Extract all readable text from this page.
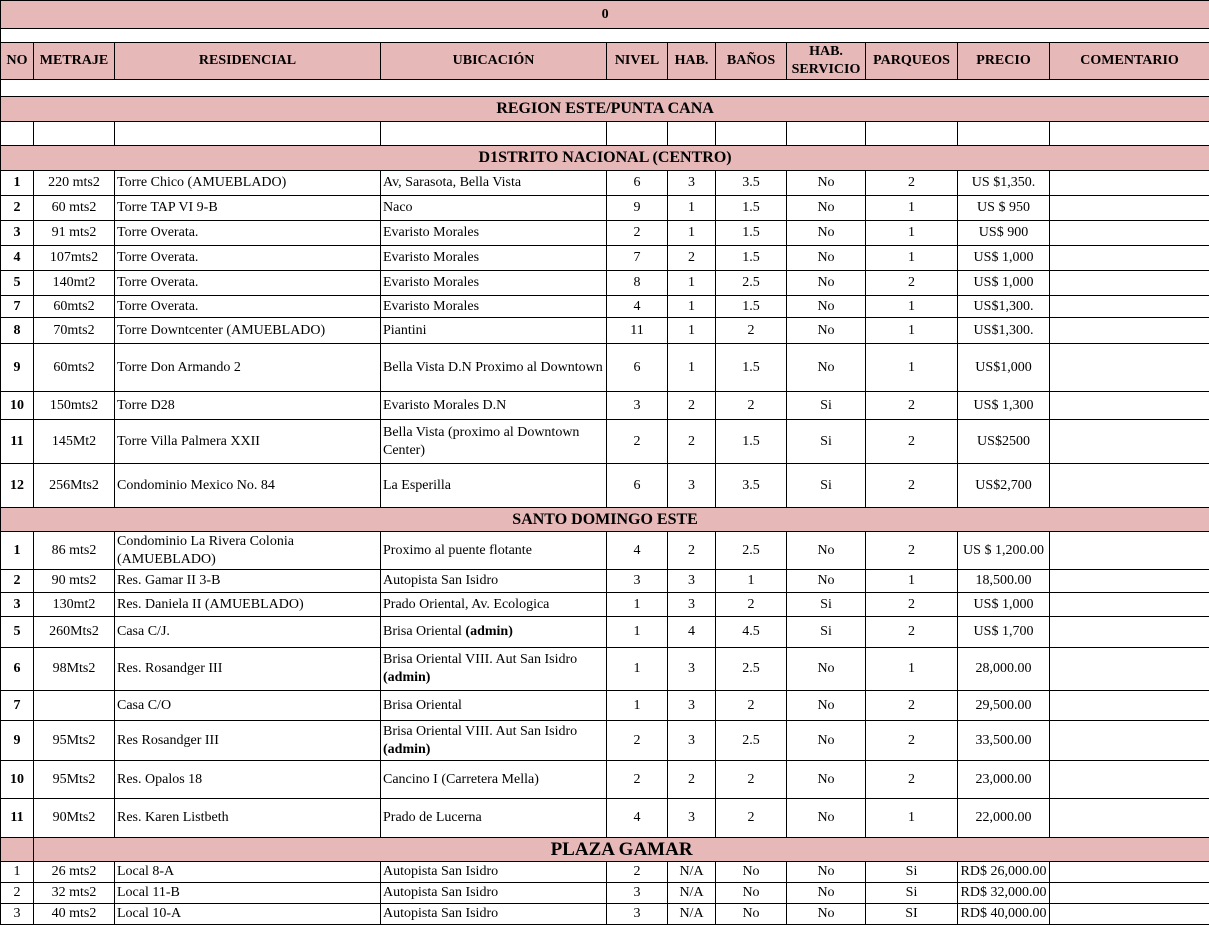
0										

NO	METRAJE	RESIDENCIAL	UBICACIÓN	NIVEL	HAB.	BAÑOS	HAB.
SERVICIO	PARQUEOS	PRECIO	COMENTARIO

REGION ESTE/PUNTA CANA										

D1STRITO NACIONAL (CENTRO)										
1	220 mts2	Torre Chico (AMUEBLADO)	Av, Sarasota, Bella Vista	6	3	3.5	No	2	US $1,350.	
2	60 mts2	Torre TAP VI 9-B	Naco	9	1	1.5	No	1	US $ 950	
3	91 mts2	Torre Overata.	Evaristo Morales	2	1	1.5	No	1	US$ 900	
4	107mts2	Torre Overata.	Evaristo Morales	7	2	1.5	No	1	US$ 1,000	
5	140mt2	Torre Overata.	Evaristo Morales	8	1	2.5	No	2	US$ 1,000	
7	60mts2	Torre Overata.	Evaristo Morales	4	1	1.5	No	1	US$1,300.	
8	70mts2	Torre Downtcenter (AMUEBLADO)	Piantini	11	1	2	No	1	US$1,300.	
9	60mts2	Torre Don Armando 2	Bella Vista D.N Proximo al Downtown	6	1	1.5	No	1	US$1,000	
10	150mts2	Torre D28	Evaristo Morales D.N	3	2	2	Si	2	US$ 1,300	
11	145Mt2	Torre Villa Palmera XXII	Bella Vista (proximo al Downtown Center)	2	2	1.5	Si	2	US$2500	
12	256Mts2	Condominio Mexico No. 84	La Esperilla	6	3	3.5	Si	2	US$2,700	
SANTO DOMINGO ESTE										
1	86 mts2	Condominio La Rivera Colonia (AMUEBLADO)	Proximo al puente flotante	4	2	2.5	No	2	US $ 1,200.00	
2	90 mts2	Res. Gamar II 3-B	Autopista San Isidro	3	3	1	No	1	18,500.00	
3	130mt2	Res. Daniela II (AMUEBLADO)	Prado Oriental, Av. Ecologica	1	3	2	Si	2	US$ 1,000	
5	260Mts2	Casa C/J.	Brisa Oriental (admin)	1	4	4.5	Si	2	US$ 1,700	
6	98Mts2	Res. Rosandger III	Brisa Oriental VIII. Aut San Isidro (admin)	1	3	2.5	No	1	28,000.00	
7		Casa C/O	Brisa Oriental	1	3	2	No	2	29,500.00	
9	95Mts2	Res Rosandger III	Brisa Oriental VIII. Aut San Isidro (admin)	2	3	2.5	No	2	33,500.00	
10	95Mts2	Res. Opalos 18	Cancino I (Carretera Mella)	2	2	2	No	2	23,000.00	
11	90Mts2	Res. Karen Listbeth	Prado de Lucerna	4	3	2	No	1	22,000.00	
	PLAZA GAMAR									
1	26 mts2	Local 8-A	Autopista San Isidro	2	N/A	No	No	Si	RD$ 26,000.00	
2	32 mts2	Local 11-B	Autopista San Isidro	3	N/A	No	No	Si	RD$ 32,000.00	
3	40 mts2	Local 10-A	Autopista San Isidro	3	N/A	No	No	SI	RD$ 40,000.00	
